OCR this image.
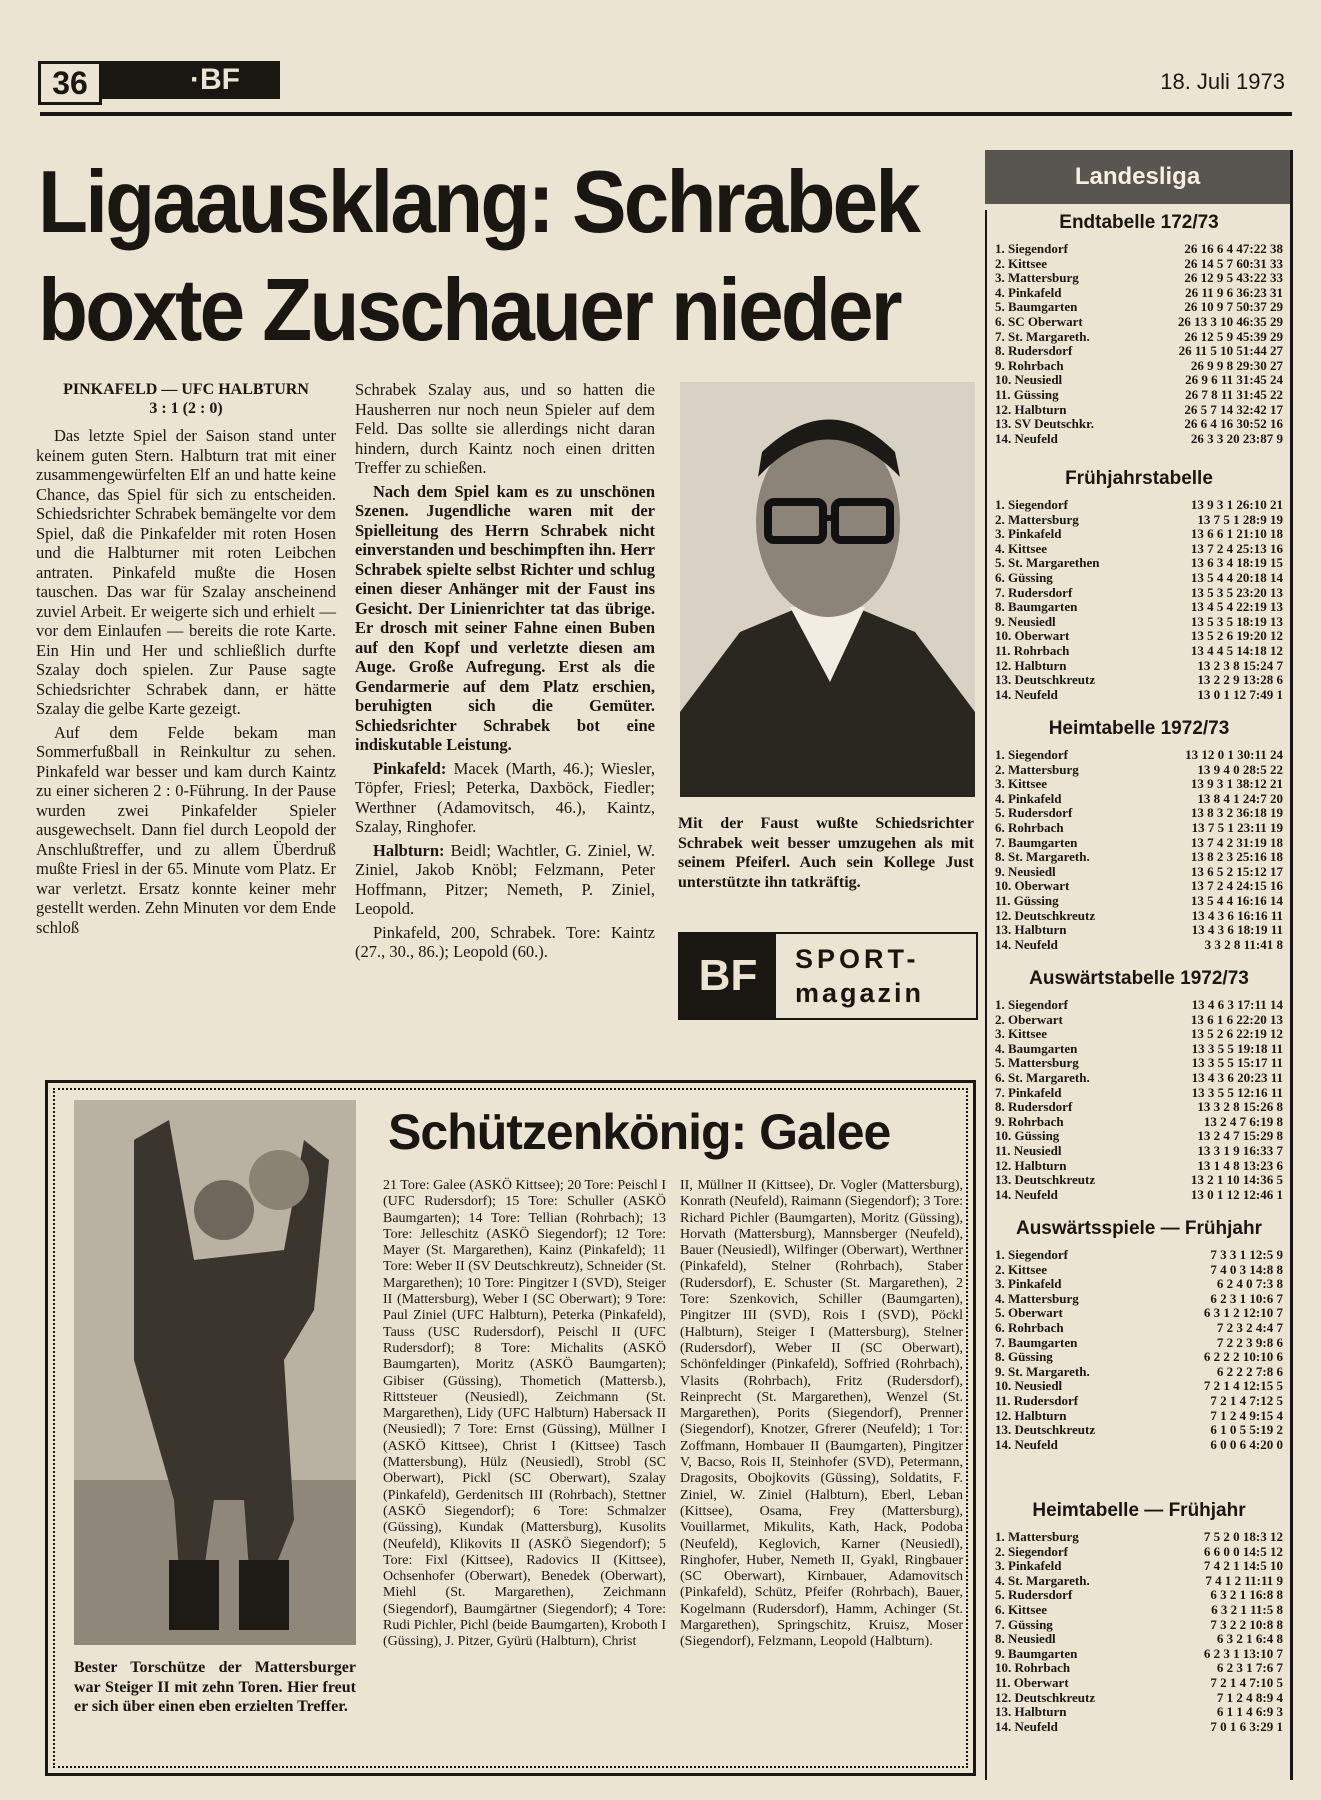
36	·BF	18. Juli 1973
Ligaausklang: Schrabek
boxte Zuschauer nieder
PINKAFELD — UFC HALBTURN
3 : 1 (2 : 0)

Das letzte Spiel der Saison stand unter keinem guten Stern. Halbturn trat mit einer zusammengewürfelten Elf an und hatte keine Chance, das Spiel für sich zu entscheiden. Schiedsrichter Schrabek bemängelte vor dem Spiel, daß die Pinkafelder mit roten Hosen und die Halbturner mit roten Leibchen antraten. Pinkafeld mußte die Hosen tauschen. Das war für Szalay anscheinend zuviel Arbeit. Er weigerte sich und erhielt — vor dem Einlaufen — bereits die rote Karte. Ein Hin und Her und schließlich durfte Szalay doch spielen. Zur Pause sagte Schiedsrichter Schrabek dann, er hätte Szalay die gelbe Karte gezeigt.

Auf dem Felde bekam man Sommerfußball in Reinkultur zu sehen. Pinkafeld war besser und kam durch Kaintz zu einer sicheren 2 : 0-Führung. In der Pause wurden zwei Pinkafelder Spieler ausgewechselt. Dann fiel durch Leopold der Anschlußtreffer, und zu allem Überdruß mußte Friesl in der 65. Minute vom Platz. Er war verletzt. Ersatz konnte keiner mehr gestellt werden. Zehn Minuten vor dem Ende schloß

Schrabek Szalay aus, und so hatten die Hausherren nur noch neun Spieler auf dem Feld. Das sollte sie allerdings nicht daran hindern, durch Kaintz noch einen dritten Treffer zu schießen.

Nach dem Spiel kam es zu unschönen Szenen. Jugendliche waren mit der Spielleitung des Herrn Schrabek nicht einverstanden und beschimpften ihn. Herr Schrabek spielte selbst Richter und schlug einen dieser Anhänger mit der Faust ins Gesicht. Der Linienrichter tat das übrige. Er drosch mit seiner Fahne einen Buben auf den Kopf und verletzte diesen am Auge. Große Aufregung. Erst als die Gendarmerie auf dem Platz erschien, beruhigten sich die Gemüter. Schiedsrichter Schrabek bot eine indiskutable Leistung.

Pinkafeld: Macek (Marth, 46.); Wiesler, Töpfer, Friesl; Peterka, Daxböck, Fiedler; Werthner (Adamovitsch, 46.), Kaintz, Szalay, Ringhofer.

Halbturn: Beidl; Wachtler, G. Ziniel, W. Ziniel, Jakob Knöbl; Felzmann, Peter Hoffmann, Pitzer; Nemeth, P. Ziniel, Leopold.

Pinkafeld, 200, Schrabek. Tore: Kaintz (27., 30., 86.); Leopold (60.).

Mit der Faust wußte Schiedsrichter Schrabek weit besser umzugehen als mit seinem Pfeiferl. Auch sein Kollege Just unterstützte ihn tatkräftig.
BF	SPORT-
magazin
Bester Torschütze der Mattersburger war Steiger II mit zehn Toren. Hier freut er sich über einen eben erzielten Treffer.
Schützenkönig: Galee
21 Tore: Galee (ASKÖ Kittsee); 20 Tore: Peischl I (UFC Rudersdorf); 15 Tore: Schuller (ASKÖ Baumgarten); 14 Tore: Tellian (Rohrbach); 13 Tore: Jelleschitz (ASKÖ Siegendorf); 12 Tore: Mayer (St. Margarethen), Kainz (Pinkafeld); 11 Tore: Weber II (SV Deutschkreutz), Schneider (St. Margarethen); 10 Tore: Pingitzer I (SVD), Steiger II (Mattersburg), Weber I (SC Oberwart); 9 Tore: Paul Ziniel (UFC Halbturn), Peterka (Pinkafeld), Tauss (USC Rudersdorf), Peischl II (UFC Rudersdorf); 8 Tore: Michalits (ASKÖ Baumgarten), Moritz (ASKÖ Baumgarten); Gibiser (Güssing), Thometich (Mattersb.), Rittsteuer (Neusiedl), Zeichmann (St. Margarethen), Lidy (UFC Halbturn) Habersack II (Neusiedl); 7 Tore: Ernst (Güssing), Müllner I (ASKÖ Kittsee), Christ I (Kittsee) Tasch (Mattersbung), Hülz (Neusiedl), Strobl (SC Oberwart), Pickl (SC Oberwart), Szalay (Pinkafeld), Gerdenitsch III (Rohrbach), Stettner (ASKÖ Siegendorf); 6 Tore: Schmalzer (Güssing), Kundak (Mattersburg), Kusolits (Neufeld), Klikovits II (ASKÖ Siegendorf); 5 Tore: Fixl (Kittsee), Radovics II (Kittsee), Ochsenhofer (Oberwart), Benedek (Oberwart), Miehl (St. Margarethen), Zeichmann (Siegendorf), Baumgärtner (Siegendorf); 4 Tore: Rudi Pichler, Pichl (beide Baumgarten), Kroboth I (Güssing), J. Pitzer, Gyürü (Halbturn), Christ
II, Müllner II (Kittsee), Dr. Vogler (Mattersburg), Konrath (Neufeld), Raimann (Siegendorf); 3 Tore: Richard Pichler (Baumgarten), Moritz (Güssing), Horvath (Mattersburg), Mannsberger (Neufeld), Bauer (Neusiedl), Wilfinger (Oberwart), Werthner (Pinkafeld), Stelner (Rohrbach), Staber (Rudersdorf), E. Schuster (St. Margarethen), 2 Tore: Szenkovich, Schiller (Baumgarten), Pingitzer III (SVD), Rois I (SVD), Pöckl (Halbturn), Steiger I (Mattersburg), Stelner (Rudersdorf), Weber II (SC Oberwart), Schönfeldinger (Pinkafeld), Soffried (Rohrbach), Vlasits (Rohrbach), Fritz (Rudersdorf), Reinprecht (St. Margarethen), Wenzel (St. Margarethen), Porits (Siegendorf), Prenner (Siegendorf), Knotzer, Gfrerer (Neufeld); 1 Tor: Zoffmann, Hombauer II (Baumgarten), Pingitzer V, Bacso, Rois II, Steinhofer (SVD), Petermann, Dragosits, Obojkovits (Güssing), Soldatits, F. Ziniel, W. Ziniel (Halbturn), Eberl, Leban (Kittsee), Osama, Frey (Mattersburg), Vouillarmet, Mikulits, Kath, Hack, Podoba (Neufeld), Keglovich, Karner (Neusiedl), Ringhofer, Huber, Nemeth II, Gyakl, Ringbauer (SC Oberwart), Kirnbauer, Adamovitsch (Pinkafeld), Schütz, Pfeifer (Rohrbach), Bauer, Kogelmann (Rudersdorf), Hamm, Achinger (St. Margarethen), Springschitz, Kruisz, Moser (Siegendorf), Felzmann, Leopold (Halbturn).
Landesliga
Endtabelle 172/73
1. Siegendorf	26 16 6 4 47:22 38
2. Kittsee	26 14 5 7 60:31 33
3. Mattersburg	26 12 9 5 43:22 33
4. Pinkafeld	26 11 9 6 36:23 31
5. Baumgarten	26 10 9 7 50:37 29
6. SC Oberwart	26 13 3 10 46:35 29
7. St. Margareth.	26 12 5 9 45:39 29
8. Rudersdorf	26 11 5 10 51:44 27
9. Rohrbach	26 9 9 8 29:30 27
10. Neusiedl	26 9 6 11 31:45 24
11. Güssing	26 7 8 11 31:45 22
12. Halbturn	26 5 7 14 32:42 17
13. SV Deutschkr.	26 6 4 16 30:52 16
14. Neufeld	26 3 3 20 23:87 9
Frühjahrstabelle
1. Siegendorf	13 9 3 1 26:10 21
2. Mattersburg	13 7 5 1 28:9 19
3. Pinkafeld	13 6 6 1 21:10 18
4. Kittsee	13 7 2 4 25:13 16
5. St. Margarethen	13 6 3 4 18:19 15
6. Güssing	13 5 4 4 20:18 14
7. Rudersdorf	13 5 3 5 23:20 13
8. Baumgarten	13 4 5 4 22:19 13
9. Neusiedl	13 5 3 5 18:19 13
10. Oberwart	13 5 2 6 19:20 12
11. Rohrbach	13 4 4 5 14:18 12
12. Halbturn	13 2 3 8 15:24 7
13. Deutschkreutz	13 2 2 9 13:28 6
14. Neufeld	13 0 1 12 7:49 1
Heimtabelle 1972/73
1. Siegendorf	13 12 0 1 30:11 24
2. Mattersburg	13 9 4 0 28:5 22
3. Kittsee	13 9 3 1 38:12 21
4. Pinkafeld	13 8 4 1 24:7 20
5. Rudersdorf	13 8 3 2 36:18 19
6. Rohrbach	13 7 5 1 23:11 19
7. Baumgarten	13 7 4 2 31:19 18
8. St. Margareth.	13 8 2 3 25:16 18
9. Neusiedl	13 6 5 2 15:12 17
10. Oberwart	13 7 2 4 24:15 16
11. Güssing	13 5 4 4 16:16 14
12. Deutschkreutz	13 4 3 6 16:16 11
13. Halbturn	13 4 3 6 18:19 11
14. Neufeld	3 3 2 8 11:41 8
Auswärtstabelle 1972/73
1. Siegendorf	13 4 6 3 17:11 14
2. Oberwart	13 6 1 6 22:20 13
3. Kittsee	13 5 2 6 22:19 12
4. Baumgarten	13 3 5 5 19:18 11
5. Mattersburg	13 3 5 5 15:17 11
6. St. Margareth.	13 4 3 6 20:23 11
7. Pinkafeld	13 3 5 5 12:16 11
8. Rudersdorf	13 3 2 8 15:26 8
9. Rohrbach	13 2 4 7 6:19 8
10. Güssing	13 2 4 7 15:29 8
11. Neusiedl	13 3 1 9 16:33 7
12. Halbturn	13 1 4 8 13:23 6
13. Deutschkreutz	13 2 1 10 14:36 5
14. Neufeld	13 0 1 12 12:46 1
Auswärtsspiele — Frühjahr
1. Siegendorf	7 3 3 1 12:5 9
2. Kittsee	7 4 0 3 14:8 8
3. Pinkafeld	6 2 4 0 7:3 8
4. Mattersburg	6 2 3 1 10:6 7
5. Oberwart	6 3 1 2 12:10 7
6. Rohrbach	7 2 3 2 4:4 7
7. Baumgarten	7 2 2 3 9:8 6
8. Güssing	6 2 2 2 10:10 6
9. St. Margareth.	6 2 2 2 7:8 6
10. Neusiedl	7 2 1 4 12:15 5
11. Rudersdorf	7 2 1 4 7:12 5
12. Halbturn	7 1 2 4 9:15 4
13. Deutschkreutz	6 1 0 5 5:19 2
14. Neufeld	6 0 0 6 4:20 0
Heimtabelle — Frühjahr
1. Mattersburg	7 5 2 0 18:3 12
2. Siegendorf	6 6 0 0 14:5 12
3. Pinkafeld	7 4 2 1 14:5 10
4. St. Margareth.	7 4 1 2 11:11 9
5. Rudersdorf	6 3 2 1 16:8 8
6. Kittsee	6 3 2 1 11:5 8
7. Güssing	7 3 2 2 10:8 8
8. Neusiedl	6 3 2 1 6:4 8
9. Baumgarten	6 2 3 1 13:10 7
10. Rohrbach	6 2 3 1 7:6 7
11. Oberwart	7 2 1 4 7:10 5
12. Deutschkreutz	7 1 2 4 8:9 4
13. Halbturn	6 1 1 4 6:9 3
14. Neufeld	7 0 1 6 3:29 1
